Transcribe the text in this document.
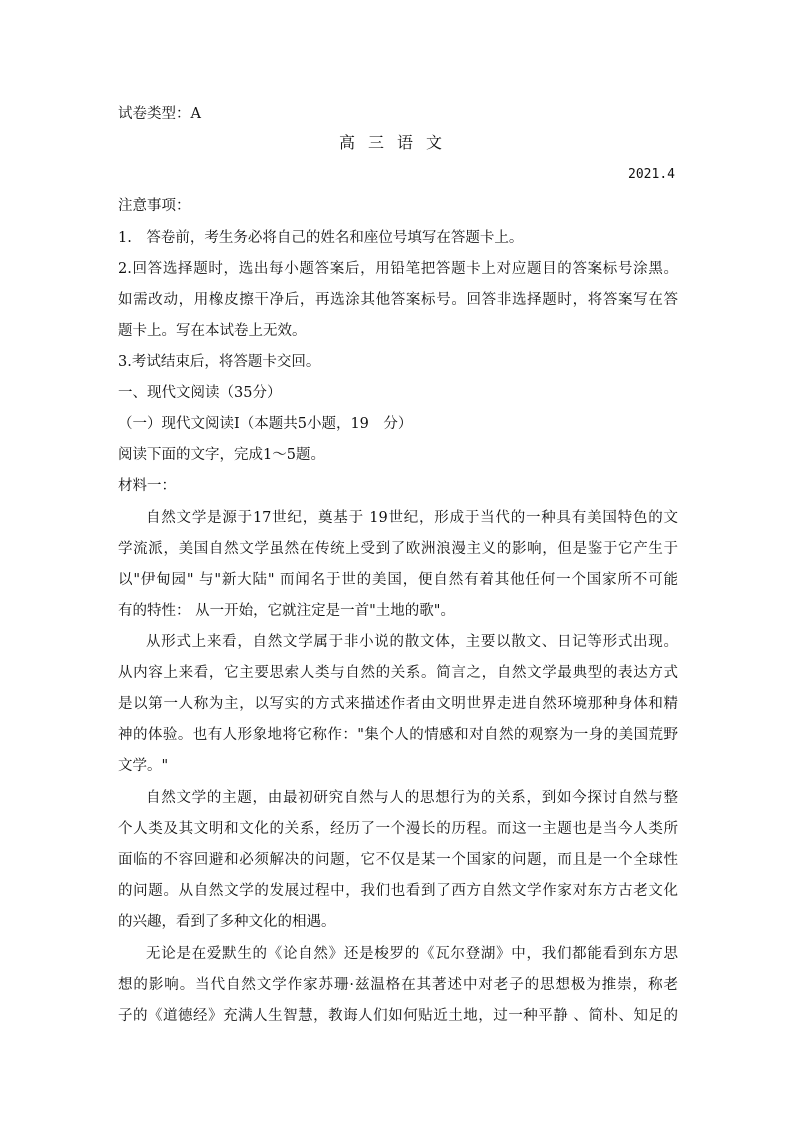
试卷类型：A
高三语文
2021.4
注意事项：
1.　答卷前，考生务必将自己的姓名和座位号填写在答题卡上。
2.回答选择题时，选出每小题答案后，用铅笔把答题卡上对应题目的答案标号涂黑。
如需改动，用橡皮擦干净后，再选涂其他答案标号。回答非选择题时，将答案写在答
题卡上。写在本试卷上无效。
3.考试结束后，将答题卡交回。
一、现代文阅读（35分）
（一）现代文阅读Ⅰ（本题共5小题，19　分）
阅读下面的文字，完成1～5题。
材料一：
自然文学是源于17世纪，奠基于 19世纪，形成于当代的一种具有美国特色的文
学流派，美国自然文学虽然在传统上受到了欧洲浪漫主义的影响，但是鉴于它产生于
以"伊甸园" 与"新大陆" 而闻名于世的美国，便自然有着其他任何一个国家所不可能
有的特性： 从一开始，它就注定是一首"土地的歌"。
从形式上来看，自然文学属于非小说的散文体，主要以散文、日记等形式出现。
从内容上来看，它主要思索人类与自然的关系。简言之，自然文学最典型的表达方式
是以第一人称为主，以写实的方式来描述作者由文明世界走进自然环境那种身体和精
神的体验。也有人形象地将它称作："集个人的情感和对自然的观察为一身的美国荒野
文学。"
自然文学的主题，由最初研究自然与人的思想行为的关系，到如今探讨自然与整
个人类及其文明和文化的关系，经历了一个漫长的历程。而这一主题也是当今人类所
面临的不容回避和必须解决的问题，它不仅是某一个国家的问题，而且是一个全球性
的问题。从自然文学的发展过程中，我们也看到了西方自然文学作家对东方古老文化
的兴趣，看到了多种文化的相遇。
无论是在爱默生的《论自然》还是梭罗的《瓦尔登湖》中，我们都能看到东方思
想的影响。当代自然文学作家苏珊·兹温格在其著述中对老子的思想极为推崇，称老
子的《道德经》充满人生智慧，教诲人们如何贴近土地，过一种平静 、简朴、知足的
